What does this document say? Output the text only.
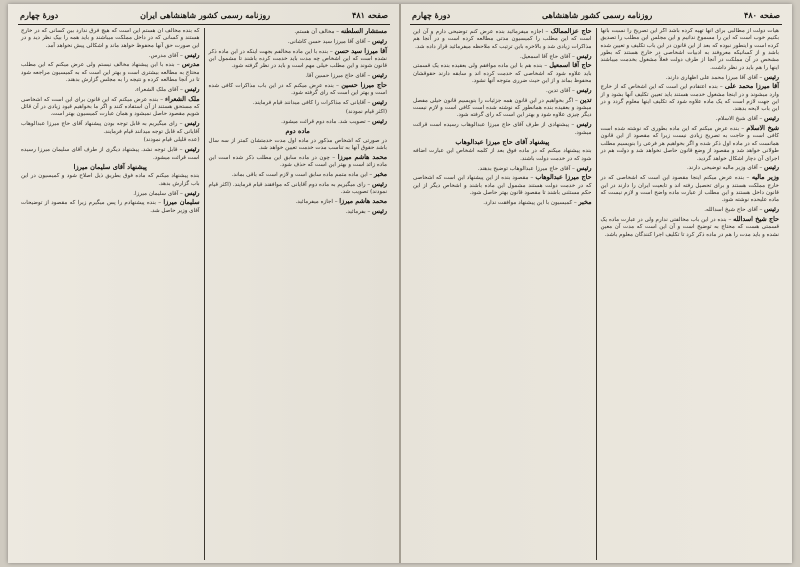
صفحه ۴۸۱
روزنامه رسمی کشور شاهنشاهی ایران
دورهٔ چهارم

مستشار السلطنه – مخالف آن هستم.

رئیس – آقای آقا میرزا سید حسن کاشانی.

آقا میرزا سید حسن – بنده با این ماده مخالفم بجهت اینکه در این ماده ذکر نشده است که این اشخاص چه مدت باید خدمت کرده باشند تا مشمول این قانون شوند و این مطلب خیلی مهم است و باید در نظر گرفته شود.

رئیس – آقای حاج میرزا حسین آقا.

حاج میرزا حسین – بنده عرض میکنم که در این باب مذاکرات کافی شده است و بهتر این است که رای گرفته شود.

رئیس – آقایانی که مذاکرات را کافی میدانند قیام فرمایند.

(اکثر قیام نمودند)

رئیس – تصویب شد. ماده دوم قرائت میشود.

ماده دوم

در صورتی که اشخاص مذکور در ماده اول مدت خدمتشان کمتر از سه سال باشد حقوق آنها به تناسب مدت خدمت تعیین خواهد شد.

محمد هاشم میرزا – چون در ماده سابق این مطلب ذکر شده است این ماده زائد است و بهتر این است که حذف شود.

مخبر – این ماده متمم ماده سابق است و لازم است که باقی بماند.

رئیس – رای میگیریم به ماده دوم آقایانی که موافقند قیام فرمایند. (اکثر قیام نمودند) تصویب شد.

محمد هاشم میرزا – اجازه میفرمائید.

رئیس – بفرمائید.

که بنده مخالف آن هستم این است که هیچ فرق ندارد بین کسانی که در خارج هستند و کسانی که در داخل مملکت میباشند و باید همه را بیک نظر دید و در این صورت حق آنها محفوظ خواهد ماند و اشکالی پیش نخواهد آمد.

رئیس – آقای مدرس.

مدرس – بنده با این پیشنهاد مخالف نیستم ولی عرض میکنم که این مطلب محتاج به مطالعه بیشتری است و بهتر این است که به کمیسیون مراجعه شود تا در آنجا مطالعه کرده و نتیجه را به مجلس گزارش بدهند.

رئیس – آقای ملک الشعراء.

ملک الشعراء – بنده عرض میکنم که این قانون برای این است که اشخاصی که مستحق هستند از آن استفاده کنند و اگر ما بخواهیم قیود زیادی در آن قائل شویم مقصود حاصل نمیشود و همان عبارت کمیسیون بهتر است.

رئیس – رای میگیریم به قابل توجه بودن پیشنهاد آقای حاج میرزا عبدالوهاب آقایانی که قابل توجه میدانند قیام فرمایند.

(عده قلیلی قیام نمودند)

رئیس – قابل توجه نشد. پیشنهاد دیگری از طرف آقای سلیمان میرزا رسیده است قرائت میشود.

پیشنهاد آقای سلیمان میرزا

بنده پیشنهاد میکنم که ماده فوق بطریق ذیل اصلاح شود و کمیسیون در این باب گزارش بدهد.

رئیس – آقای سلیمان میرزا.

سلیمان میرزا – بنده پیشنهادم را پس میگیرم زیرا که مقصود از توضیحات آقای وزیر حاصل شد.

صفحه ۴۸۰
روزنامه رسمی کشور شاهنشاهی
دورهٔ چهارم

هیات دولت از مطالبی برای آنها تهیه کرده باشد اگر این تصریح را نسبت بانها بکنیم خوب است که این را مسموع ندانیم و این مجلس این مطلب را تصدیق کرده است و اینطور نبوده که بعد از این قانون در این باب تکلیف و تعیین شده باشد و از کسانیکه معروفند به ادبیات اشخاصی در خارج هستند که بطور مشخص در آن مملکت در آنجا از طرف دولت فعلاً مشغول بخدمت میباشند اینها را هم باید در نظر داشت.

رئیس – آقای آقا میرزا محمد علی اظهاری دارند.

آقا میرزا محمد علی – بنده اعتقادم این است که این اشخاص که از خارج وارد میشوند و در اینجا مشغول خدمت هستند باید تعیین تکلیف آنها بشود و از این جهت لازم است که یک ماده علاوه شود که تکلیف اینها معلوم گردد و در این باب لایحه بدهند.

رئیس – آقای شیخ الاسلام.

شیخ الاسلام – بنده عرض میکنم که این ماده بطوری که نوشته شده است کافی است و حاجت به تصریح زیادی نیست زیرا که مقصود از این قانون همانست که در ماده اول ذکر شده و اگر بخواهیم هر فرعی را بنویسیم مطلب طولانی خواهد شد و مقصود از وضع قانون حاصل نخواهد شد و دولت هم در اجرای آن دچار اشکال خواهد گردید.

رئیس – آقای وزیر مالیه توضیحی دارند.

وزیر مالیه – بنده عرض میکنم اینجا مقصود این است که اشخاصی که در خارج مملکت هستند و برای تحصیل رفته اند و تابعیت ایران را دارند در این قانون داخل هستند و این مطلب از عبارت ماده واضح است و لازم نیست که ماده علیحده نوشته شود.

رئیس – آقای حاج شیخ اسدالله.

حاج شیخ اسدالله – بنده در این باب مخالفتی ندارم ولی در عبارت ماده یک قسمتی هست که محتاج به توضیح است و آن این است که مدت آن معین نشده و باید مدت را هم در ماده ذکر کرد تا تکلیف اجرا کنندگان معلوم باشد.

حاج عزالممالک – اجازه میفرمائید بنده عرض کنم توضیحی دارم و آن این است که این مطلب را کمیسیون مدتی مطالعه کرده است و در آنجا هم مذاکرات زیادی شد و بالاخره باین ترتیب که ملاحظه میفرمائید قرار داده شد.

رئیس – آقای حاج آقا اسمعیل.

حاج آقا اسمعیل – بنده هم با این ماده موافقم ولی بعقیده بنده یک قسمتی باید علاوه شود که اشخاصی که خدمت کرده اند و سابقه دارند حقوقشان محفوظ بماند و از این حیث ضرری متوجه آنها نشود.

رئیس – آقای تدین.

تدین – اگر بخواهیم در این قانون همه جزئیات را بنویسیم قانون خیلی مفصل میشود و بعقیده بنده همانطور که نوشته شده است کافی است و لازم نیست دیگر چیزی علاوه شود و بهتر این است که رای گرفته شود.

رئیس – پیشنهادی از طرف آقای حاج میرزا عبدالوهاب رسیده است قرائت میشود.

پیشنهاد آقای حاج میرزا عبدالوهاب

بنده پیشنهاد میکنم که در ماده فوق بعد از کلمه اشخاص این عبارت اضافه شود که در خدمت دولت باشند.

رئیس – آقای حاج میرزا عبدالوهاب توضیح بدهند.

حاج میرزا عبدالوهاب – مقصود بنده از این پیشنهاد این است که اشخاصی که در خدمت دولت هستند مشمول این ماده باشند و اشخاص دیگر از این حکم مستثنی باشند تا مقصود قانون بهتر حاصل شود.

مخبر – کمیسیون با این پیشنهاد موافقت ندارد.
